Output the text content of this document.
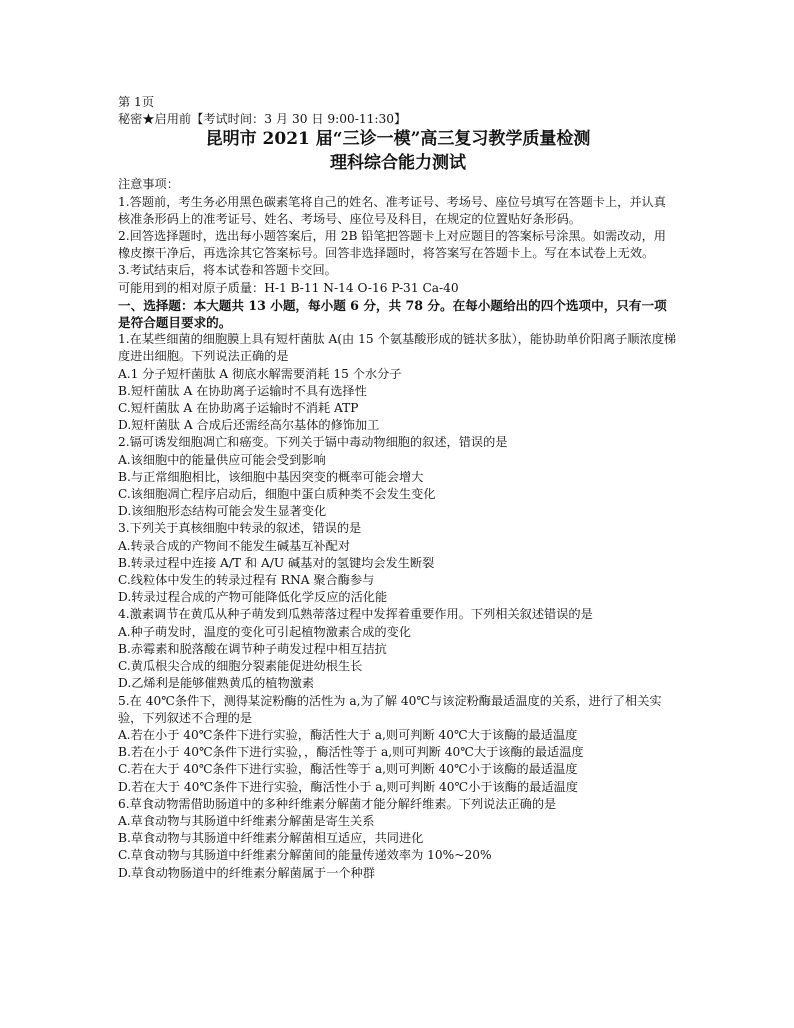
第 1页
秘密★启用前【考试时间：3 月 30 日 9:00-11:30】
昆明市 2021 届“三诊一模”高三复习教学质量检测
理科综合能力测试
注意事项：
1.答题前，考生务必用黑色碳素笔将自己的姓名、准考证号、考场号、座位号填写在答题卡上，并认真核准条形码上的准考证号、姓名、考场号、座位号及科目，在规定的位置贴好条形码。
2.回答选择题时，选出每小题答案后，用 2B 铅笔把答题卡上对应题目的答案标号涂黑。如需改动，用橡皮擦干净后，再选涂其它答案标号。回答非选择题时，将答案写在答题卡上。写在本试卷上无效。
3.考试结束后，将本试卷和答题卡交回。
可能用到的相对原子质量：H-1 B-11 N-14 O-16 P-31 Ca-40
一、选择题：本大题共 13 小题，每小题 6 分，共 78 分。在每小题给出的四个选项中，只有一项是符合题目要求的。
1.在某些细菌的细胞膜上具有短杆菌肽 A(由 15 个氨基酸形成的链状多肽），能协助单价阳离子顺浓度梯度进出细胞。下列说法正确的是
A.1 分子短杆菌肽 A 彻底水解需要消耗 15 个水分子
B.短杆菌肽 A 在协助离子运输时不具有选择性
C.短杆菌肽 A 在协助离子运输时不消耗 ATP
D.短杆菌肽 A 合成后还需经高尔基体的修饰加工
2.镉可诱发细胞凋亡和癌变。下列关于镉中毒动物细胞的叙述，错误的是
A.该细胞中的能量供应可能会受到影响
B.与正常细胞相比，该细胞中基因突变的概率可能会增大
C.该细胞凋亡程序启动后，细胞中蛋白质种类不会发生变化
D.该细胞形态结构可能会发生显著变化
3.下列关于真核细胞中转录的叙述，错误的是
A.转录合成的产物间不能发生碱基互补配对
B.转录过程中连接 A/T 和 A/U 碱基对的氢键均会发生断裂
C.线粒体中发生的转录过程有 RNA 聚合酶参与
D.转录过程合成的产物可能降低化学反应的活化能
4.激素调节在黄瓜从种子萌发到瓜熟蒂落过程中发挥着重要作用。下列相关叙述错误的是
A.种子萌发时，温度的变化可引起植物激素合成的变化
B.赤霉素和脱落酸在调节种子萌发过程中相互拮抗
C.黄瓜根尖合成的细胞分裂素能促进幼根生长
D.乙烯利是能够催熟黄瓜的植物激素
5.在 40℃条件下，测得某淀粉酶的活性为 a,为了解 40℃与该淀粉酶最适温度的关系，进行了相关实验，下列叙述不合理的是
A.若在小于 40℃条件下进行实验，酶活性大于 a,则可判断 40℃大于该酶的最适温度
B.若在小于 40℃条件下进行实验，，酶活性等于 a,则可判断 40℃大于该酶的最适温度
C.若在大于 40℃条件下进行实验，酶活性等于 a,则可判断 40℃小于该酶的最适温度
D.若在大于 40℃条件下进行实验，酶活性小于 a,则可判断 40℃小于该酶的最适温度
6.草食动物需借助肠道中的多种纤维素分解菌才能分解纤维素。下列说法正确的是
A.草食动物与其肠道中纤维素分解菌是寄生关系
B.草食动物与其肠道中纤维素分解菌相互适应，共同进化
C.草食动物与其肠道中纤维素分解菌间的能量传递效率为 10%~20%
D.草食动物肠道中的纤维素分解菌属于一个种群
